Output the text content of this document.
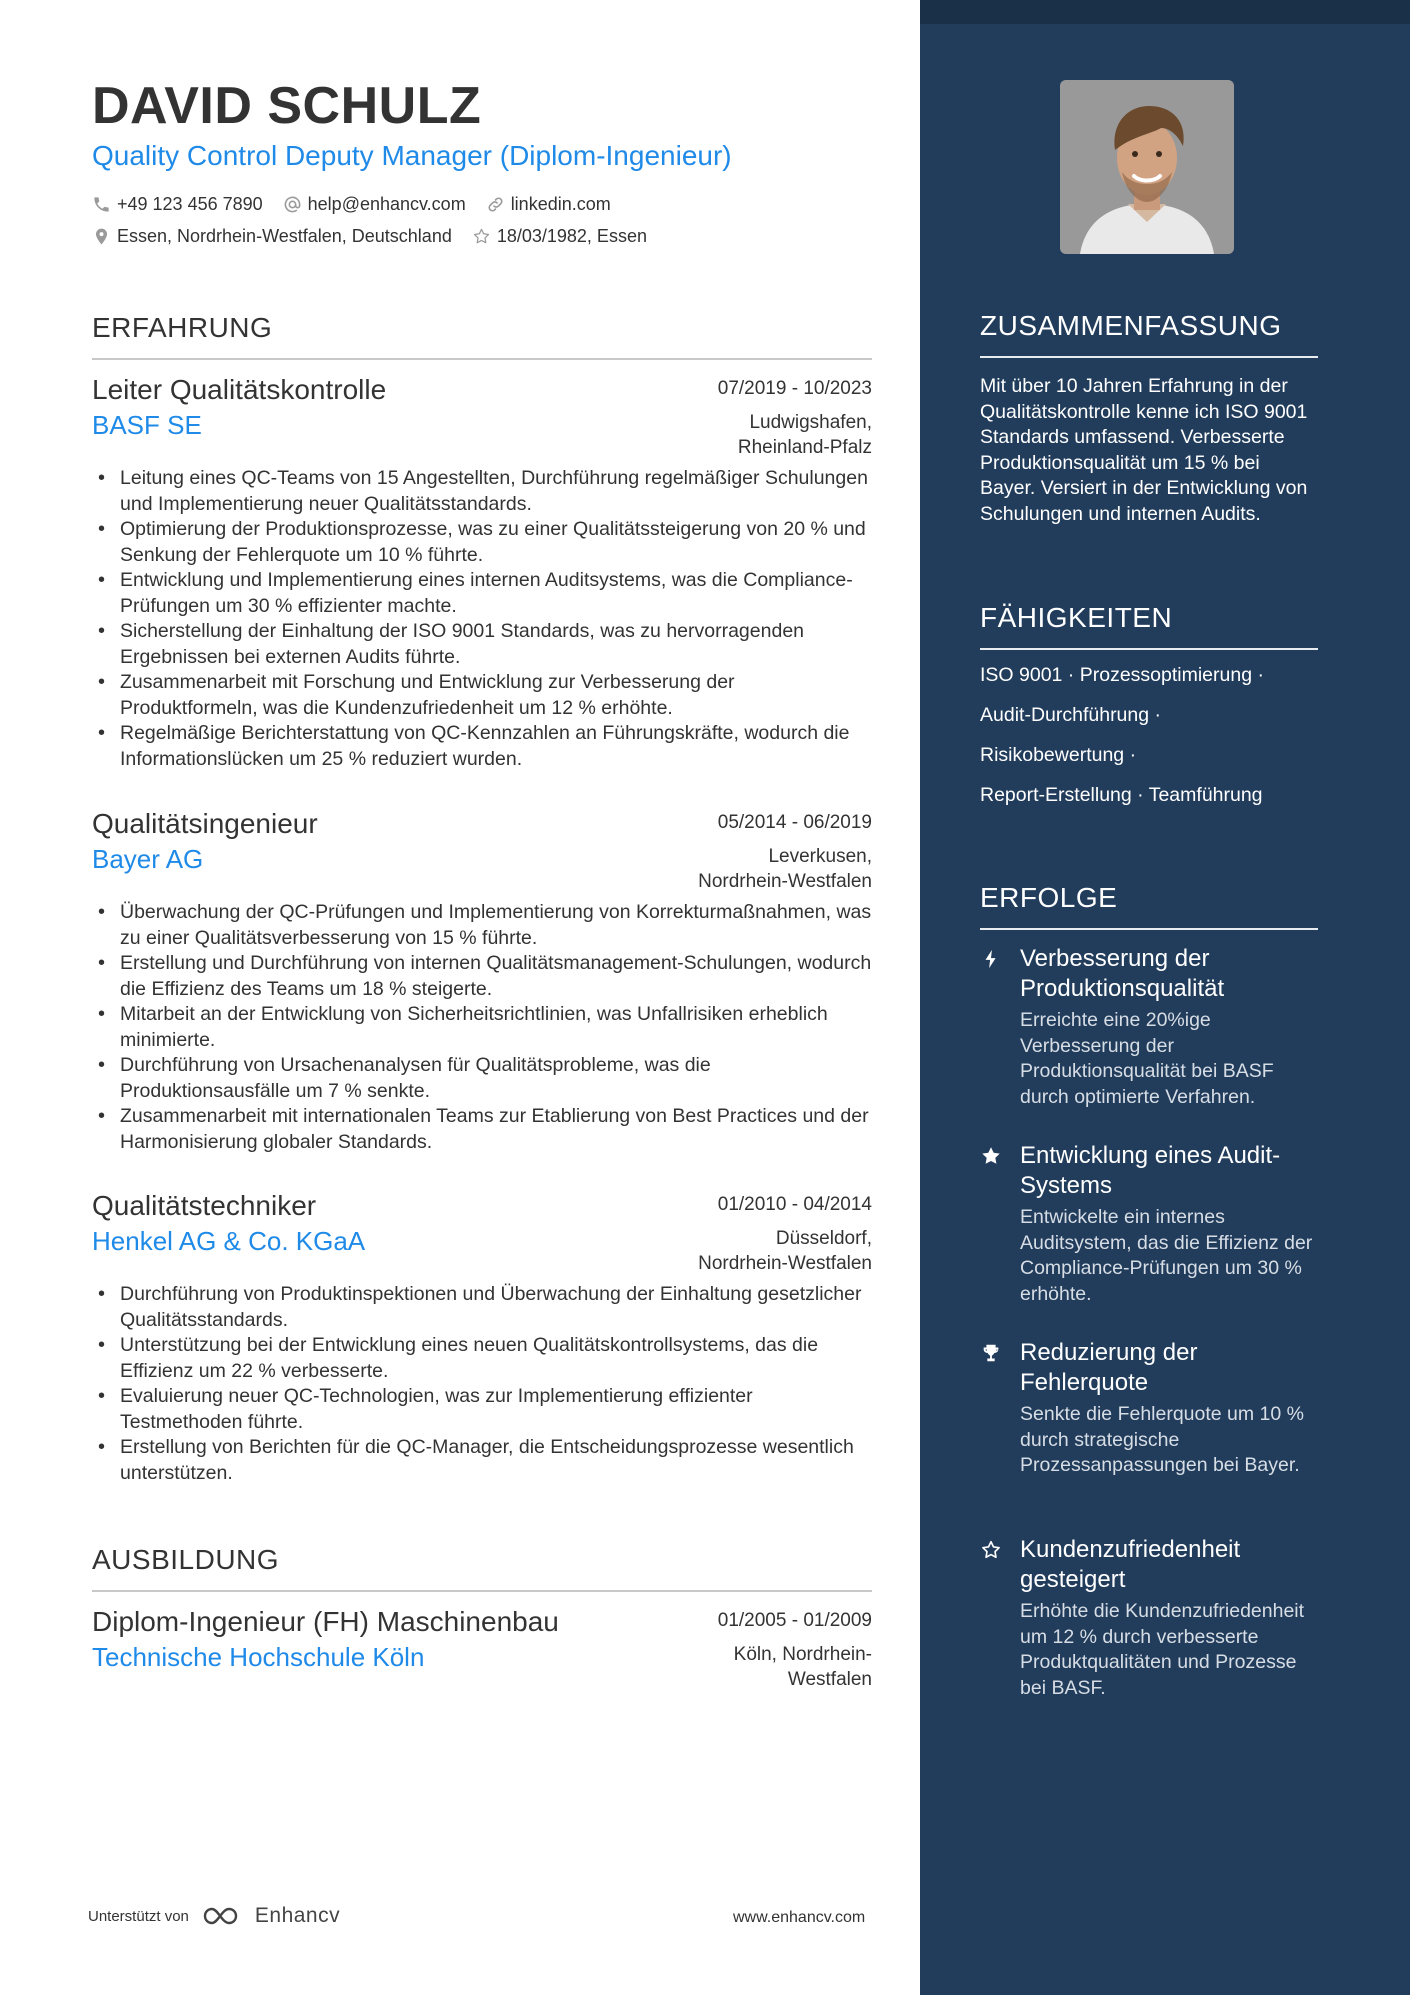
DAVID SCHULZ
Quality Control Deputy Manager (Diplom-Ingenieur)
+49 123 456 7890	help@enhancv.com	linkedin.com
Essen, Nordrhein-Westfalen, Deutschland	18/03/1982, Essen
ERFAHRUNG
Leiter Qualitätskontrolle	07/2019 - 10/2023
BASF SE	Ludwigshafen,
Rheinland-Pfalz
• Leitung eines QC-Teams von 15 Angestellten, Durchführung regelmäßiger Schulungen und Implementierung neuer Qualitätsstandards.
• Optimierung der Produktionsprozesse, was zu einer Qualitätssteigerung von 20 % und Senkung der Fehlerquote um 10 % führte.
• Entwicklung und Implementierung eines internen Auditsystems, was die Compliance-Prüfungen um 30 % effizienter machte.
• Sicherstellung der Einhaltung der ISO 9001 Standards, was zu hervorragenden Ergebnissen bei externen Audits führte.
• Zusammenarbeit mit Forschung und Entwicklung zur Verbesserung der Produktformeln, was die Kundenzufriedenheit um 12 % erhöhte.
• Regelmäßige Berichterstattung von QC-Kennzahlen an Führungskräfte, wodurch die Informationslücken um 25 % reduziert wurden.
Qualitätsingenieur	05/2014 - 06/2019
Bayer AG	Leverkusen,
Nordrhein-Westfalen
• Überwachung der QC-Prüfungen und Implementierung von Korrekturmaßnahmen, was zu einer Qualitätsverbesserung von 15 % führte.
• Erstellung und Durchführung von internen Qualitätsmanagement-Schulungen, wodurch die Effizienz des Teams um 18 % steigerte.
• Mitarbeit an der Entwicklung von Sicherheitsrichtlinien, was Unfallrisiken erheblich minimierte.
• Durchführung von Ursachenanalysen für Qualitätsprobleme, was die Produktionsausfälle um 7 % senkte.
• Zusammenarbeit mit internationalen Teams zur Etablierung von Best Practices und der Harmonisierung globaler Standards.
Qualitätstechniker	01/2010 - 04/2014
Henkel AG & Co. KGaA	Düsseldorf,
Nordrhein-Westfalen
• Durchführung von Produktinspektionen und Überwachung der Einhaltung gesetzlicher Qualitätsstandards.
• Unterstützung bei der Entwicklung eines neuen Qualitätskontrollsystems, das die Effizienz um 22 % verbesserte.
• Evaluierung neuer QC-Technologien, was zur Implementierung effizienter Testmethoden führte.
• Erstellung von Berichten für die QC-Manager, die Entscheidungsprozesse wesentlich unterstützen.
AUSBILDUNG
Diplom-Ingenieur (FH) Maschinenbau	01/2005 - 01/2009
Technische Hochschule Köln	Köln, Nordrhein-
Westfalen
Unterstützt von	Enhancv	www.enhancv.com
ZUSAMMENFASSUNG
Mit über 10 Jahren Erfahrung in der Qualitätskontrolle kenne ich ISO 9001 Standards umfassend. Verbesserte Produktionsqualität um 15 % bei Bayer. Versiert in der Entwicklung von Schulungen und internen Audits.
FÄHIGKEITEN
ISO 9001 · Prozessoptimierung ·
Audit-Durchführung ·
Risikobewertung ·
Report-Erstellung · Teamführung
ERFOLGE
Verbesserung der Produktionsqualität
Erreichte eine 20%ige Verbesserung der Produktionsqualität bei BASF durch optimierte Verfahren.
Entwicklung eines Audit-Systems
Entwickelte ein internes Auditsystem, das die Effizienz der Compliance-Prüfungen um 30 % erhöhte.
Reduzierung der Fehlerquote
Senkte die Fehlerquote um 10 % durch strategische Prozessanpassungen bei Bayer.
Kundenzufriedenheit gesteigert
Erhöhte die Kundenzufriedenheit um 12 % durch verbesserte Produktqualitäten und Prozesse bei BASF.
